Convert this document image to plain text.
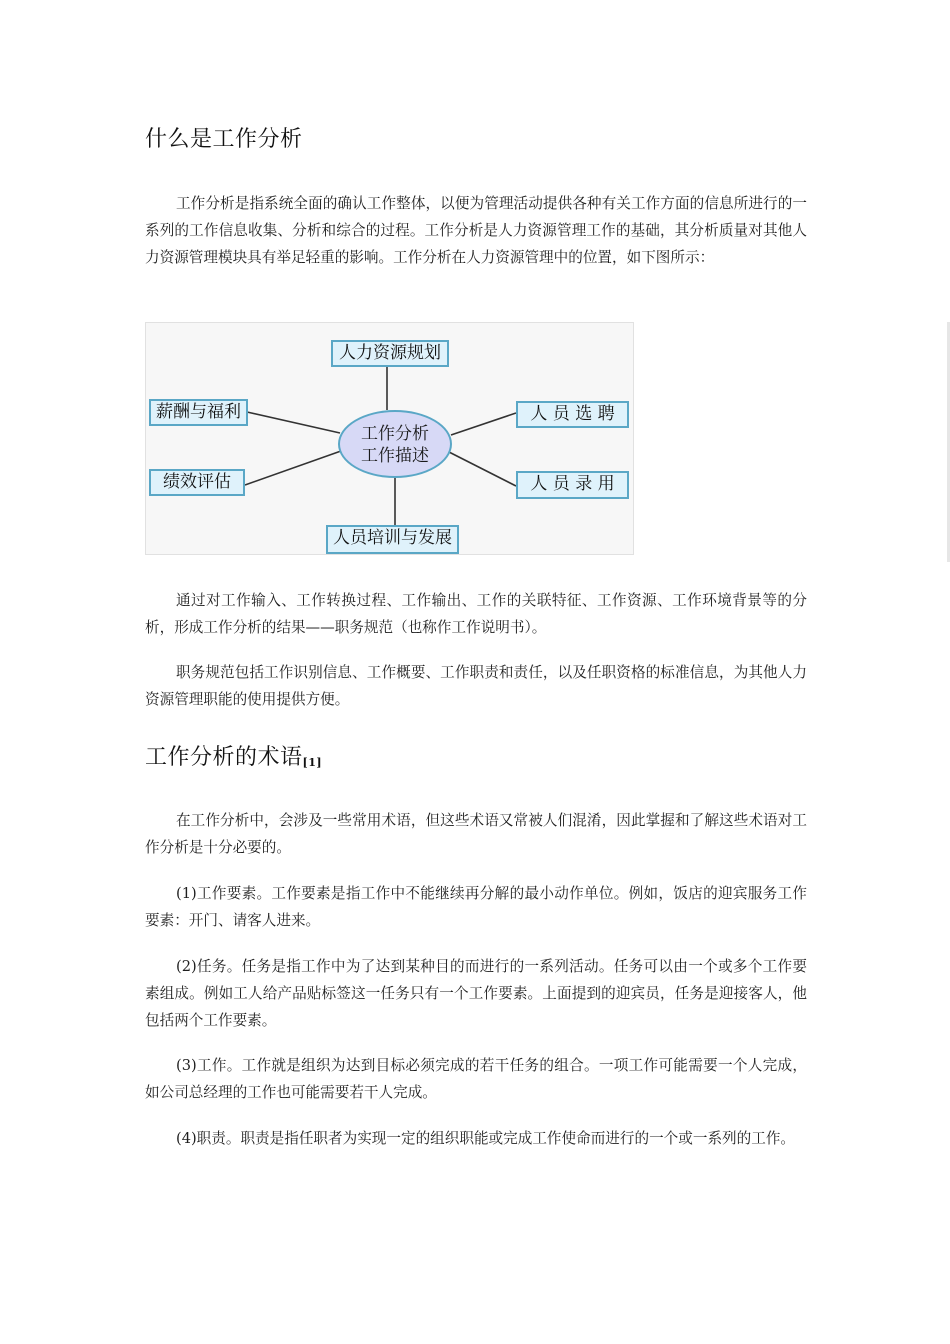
什么是工作分析

工作分析是指系统全面的确认工作整体，以便为管理活动提供各种有关工作方面的信息所进行的一系列的工作信息收集、分析和综合的过程。工作分析是人力资源管理工作的基础，其分析质量对其他人力资源管理模块具有举足轻重的影响。工作分析在人力资源管理中的位置，如下图所示：

人力资源规划
薪酬与福利
绩效评估
人 员 选 聘
人 员 录 用
人员培训与发展
工作分析
工作描述

通过对工作输入、工作转换过程、工作输出、工作的关联特征、工作资源、工作环境背景等的分析，形成工作分析的结果——职务规范（也称作工作说明书）。

职务规范包括工作识别信息、工作概要、工作职责和责任，以及任职资格的标准信息，为其他人力资源管理职能的使用提供方便。

工作分析的术语[1]

在工作分析中，会涉及一些常用术语，但这些术语又常被人们混淆，因此掌握和了解这些术语对工作分析是十分必要的。

(1)工作要素。工作要素是指工作中不能继续再分解的最小动作单位。例如，饭店的迎宾服务工作要素：开门、请客人进来。

(2)任务。任务是指工作中为了达到某种目的而进行的一系列活动。任务可以由一个或多个工作要素组成。例如工人给产品贴标签这一任务只有一个工作要素。上面提到的迎宾员，任务是迎接客人，他包括两个工作要素。

(3)工作。工作就是组织为达到目标必须完成的若干任务的组合。一项工作可能需要一个人完成，如公司总经理的工作也可能需要若干人完成。

(4)职责。职责是指任职者为实现一定的组织职能或完成工作使命而进行的一个或一系列的工作。
